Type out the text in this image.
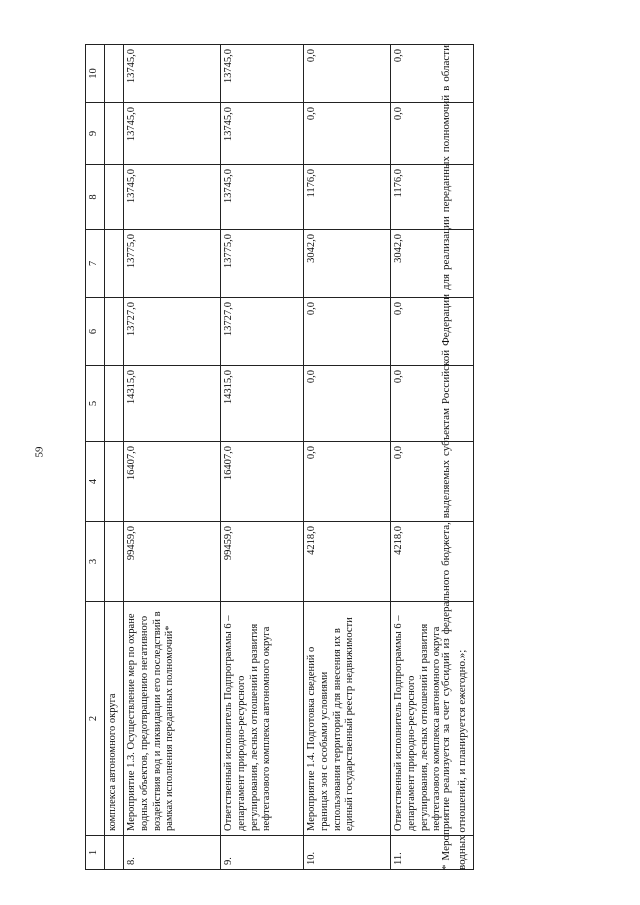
59
1	2	3	4	5	6	7	8	9	10
	комплекса автономного округа								
8.	Мероприятие 1.3. Осуществление мер по охране водных объектов, предотвращению негативного воздействия вод и ликвидации его последствий в рамках исполнения переданных полномочий*	99459,0	16407,0	14315,0	13727,0	13775,0	13745,0	13745,0	13745,0
9.	Ответственный исполнитель Подпрограммы 6 – департамент природно-ресурсного регулирования, лесных отношений и развития нефтегазового комплекса автономного округа	99459,0	16407,0	14315,0	13727,0	13775,0	13745,0	13745,0	13745,0
10.	Мероприятие 1.4. Подготовка сведений о границах зон с особыми условиями использования территорий для внесения их в единый государственный реестр недвижимости	4218,0	0,0	0,0	0,0	3042,0	1176,0	0,0	0,0
11.	Ответственный исполнитель Подпрограммы 6 – департамент природно-ресурсного регулирования, лесных отношений и развития нефтегазового комплекса автономного округа	4218,0	0,0	0,0	0,0	3042,0	1176,0	0,0	0,0	* Мероприятие реализуется за счет субсидий из федерального бюджета, выделяемых субъектам Российской Федерации для реализации переданных полномочий в области водных отношений, и планируется ежегодно.»;
